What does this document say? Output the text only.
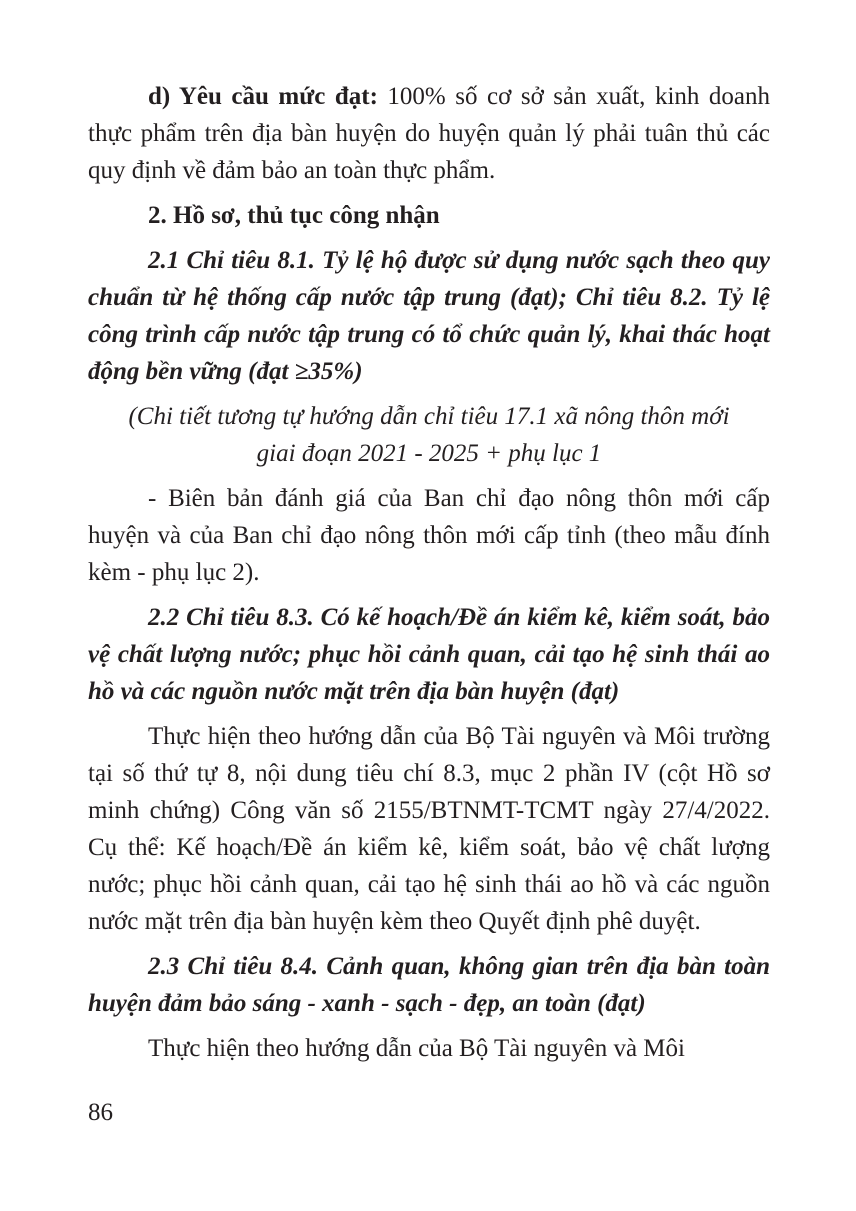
d) Yêu cầu mức đạt: 100% số cơ sở sản xuất, kinh doanh thực phẩm trên địa bàn huyện do huyện quản lý phải tuân thủ các quy định về đảm bảo an toàn thực phẩm.

2. Hồ sơ, thủ tục công nhận

2.1 Chỉ tiêu 8.1. Tỷ lệ hộ được sử dụng nước sạch theo quy chuẩn từ hệ thống cấp nước tập trung (đạt); Chỉ tiêu 8.2. Tỷ lệ công trình cấp nước tập trung có tổ chức quản lý, khai thác hoạt động bền vững (đạt ≥35%)

(Chi tiết tương tự hướng dẫn chỉ tiêu 17.1 xã nông thôn mới

giai đoạn 2021 - 2025 + phụ lục 1

- Biên bản đánh giá của Ban chỉ đạo nông thôn mới cấp huyện và của Ban chỉ đạo nông thôn mới cấp tỉnh (theo mẫu đính kèm - phụ lục 2).

2.2 Chỉ tiêu 8.3. Có kế hoạch/Đề án kiểm kê, kiểm soát, bảo vệ chất lượng nước; phục hồi cảnh quan, cải tạo hệ sinh thái ao hồ và các nguồn nước mặt trên địa bàn huyện (đạt)

Thực hiện theo hướng dẫn của Bộ Tài nguyên và Môi trường tại số thứ tự 8, nội dung tiêu chí 8.3, mục 2 phần IV (cột Hồ sơ minh chứng) Công văn số 2155/BTNMT-TCMT ngày 27/4/2022. Cụ thể: Kế hoạch/Đề án kiểm kê, kiểm soát, bảo vệ chất lượng nước; phục hồi cảnh quan, cải tạo hệ sinh thái ao hồ và các nguồn nước mặt trên địa bàn huyện kèm theo Quyết định phê duyệt.

2.3 Chỉ tiêu 8.4. Cảnh quan, không gian trên địa bàn toàn huyện đảm bảo sáng - xanh - sạch - đẹp, an toàn (đạt)

Thực hiện theo hướng dẫn của Bộ Tài nguyên và Môi

86
